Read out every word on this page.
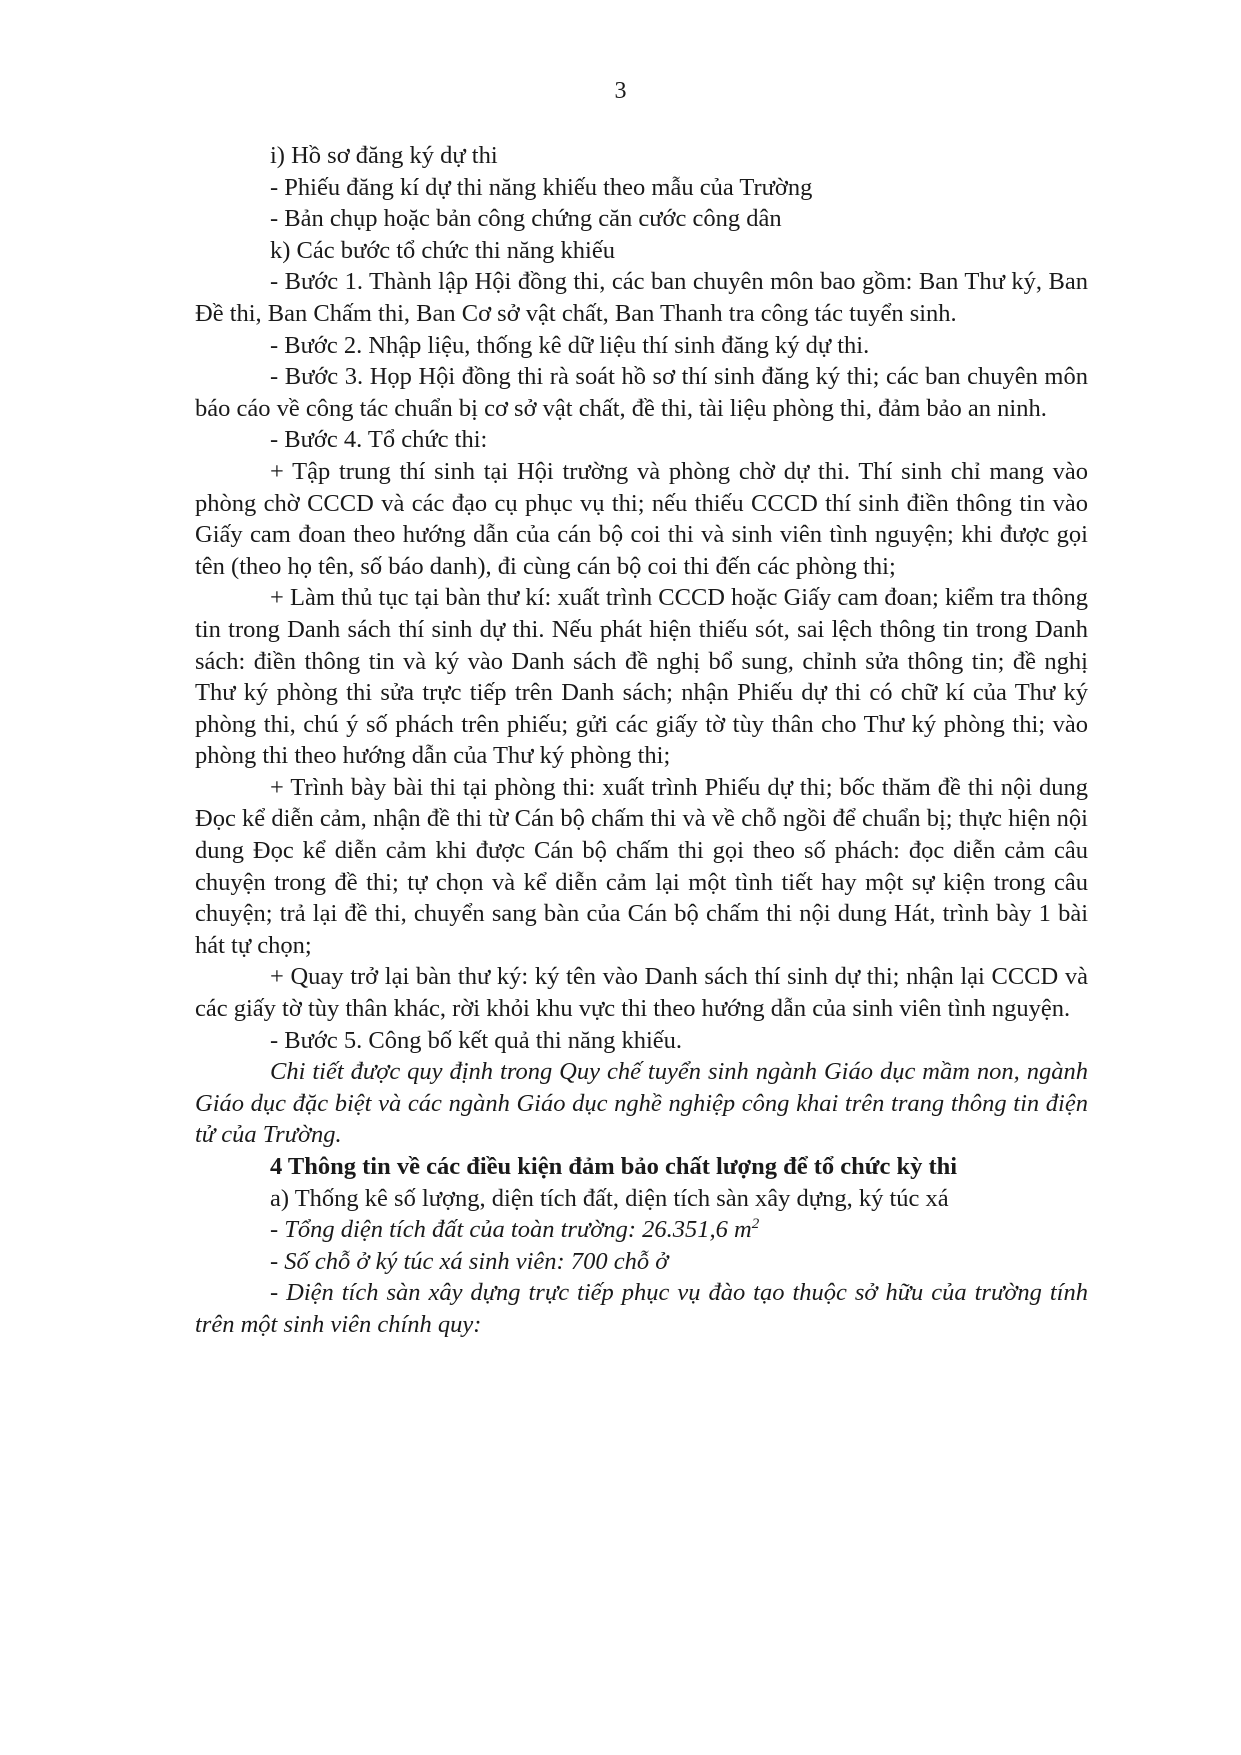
3

i) Hồ sơ đăng ký dự thi

- Phiếu đăng kí dự thi năng khiếu theo mẫu của Trường

- Bản chụp hoặc bản công chứng căn cước công dân

k) Các bước tổ chức thi năng khiếu

- Bước 1. Thành lập Hội đồng thi, các ban chuyên môn bao gồm: Ban Thư ký, Ban Đề thi, Ban Chấm thi, Ban Cơ sở vật chất, Ban Thanh tra công tác tuyển sinh.

- Bước 2. Nhập liệu, thống kê dữ liệu thí sinh đăng ký dự thi.

- Bước 3. Họp Hội đồng thi rà soát hồ sơ thí sinh đăng ký thi; các ban chuyên môn báo cáo về công tác chuẩn bị cơ sở vật chất, đề thi, tài liệu phòng thi, đảm bảo an ninh.

- Bước 4. Tổ chức thi:

+ Tập trung thí sinh tại Hội trường và phòng chờ dự thi. Thí sinh chỉ mang vào phòng chờ CCCD và các đạo cụ phục vụ thi; nếu thiếu CCCD thí sinh điền thông tin vào Giấy cam đoan theo hướng dẫn của cán bộ coi thi và sinh viên tình nguyện; khi được gọi tên (theo họ tên, số báo danh), đi cùng cán bộ coi thi đến các phòng thi;

+ Làm thủ tục tại bàn thư kí: xuất trình CCCD hoặc Giấy cam đoan; kiểm tra thông tin trong Danh sách thí sinh dự thi. Nếu phát hiện thiếu sót, sai lệch thông tin trong Danh sách: điền thông tin và ký vào Danh sách đề nghị bổ sung, chỉnh sửa thông tin; đề nghị Thư ký phòng thi sửa trực tiếp trên Danh sách; nhận Phiếu dự thi có chữ kí của Thư ký phòng thi, chú ý số phách trên phiếu; gửi các giấy tờ tùy thân cho Thư ký phòng thi; vào phòng thi theo hướng dẫn của Thư ký phòng thi;

+ Trình bày bài thi tại phòng thi: xuất trình Phiếu dự thi; bốc thăm đề thi nội dung Đọc kể diễn cảm, nhận đề thi từ Cán bộ chấm thi và về chỗ ngồi để chuẩn bị; thực hiện nội dung Đọc kể diễn cảm khi được Cán bộ chấm thi gọi theo số phách: đọc diễn cảm câu chuyện trong đề thi; tự chọn và kể diễn cảm lại một tình tiết hay một sự kiện trong câu chuyện; trả lại đề thi, chuyển sang bàn của Cán bộ chấm thi nội dung Hát, trình bày 1 bài hát tự chọn;

+ Quay trở lại bàn thư ký: ký tên vào Danh sách thí sinh dự thi; nhận lại CCCD và các giấy tờ tùy thân khác, rời khỏi khu vực thi theo hướng dẫn của sinh viên tình nguyện.

- Bước 5. Công bố kết quả thi năng khiếu.

Chi tiết được quy định trong Quy chế tuyển sinh ngành Giáo dục mầm non, ngành Giáo dục đặc biệt và các ngành Giáo dục nghề nghiệp công khai trên trang thông tin điện tử của Trường.

4 Thông tin về các điều kiện đảm bảo chất lượng để tổ chức kỳ thi

a) Thống kê số lượng, diện tích đất, diện tích sàn xây dựng, ký túc xá

- Tổng diện tích đất của toàn trường: 26.351,6 $m^2$

- Số chỗ ở ký túc xá sinh viên: 700 chỗ ở

- Diện tích sàn xây dựng trực tiếp phục vụ đào tạo thuộc sở hữu của trường tính trên một sinh viên chính quy:
